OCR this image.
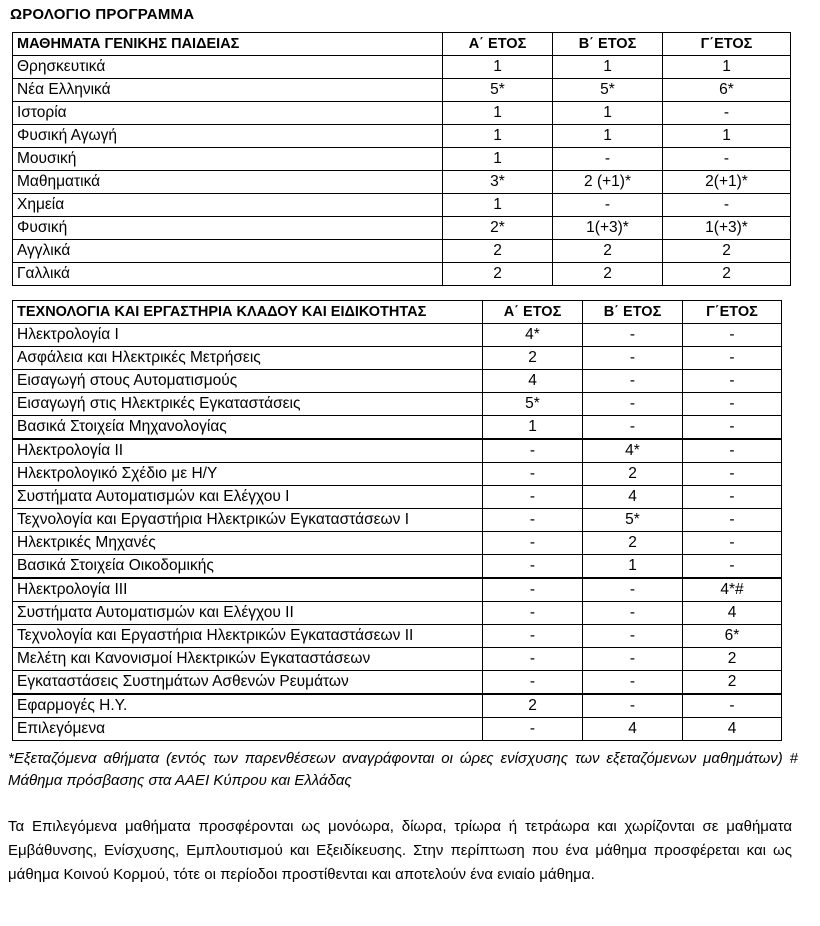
ΩΡΟΛΟΓΙΟ ΠΡΟΓΡΑΜΜΑ
ΜΑΘΗΜΑΤΑ ΓΕΝΙΚΗΣ ΠΑΙΔΕΙΑΣ	Α΄ ΕΤΟΣ	Β΄ ΕΤΟΣ	Γ΄ΕΤΟΣ
Θρησκευτικά	1	1	1
Νέα Ελληνικά	5*	5*	6*
Ιστορία	1	1	-
Φυσική Αγωγή	1	1	1
Μουσική	1	-	-
Μαθηματικά	3*	2 (+1)*	2(+1)*
Χημεία	1	-	-
Φυσική	2*	1(+3)*	1(+3)*
Αγγλικά	2	2	2
Γαλλικά	2	2	2
ΤΕΧΝΟΛΟΓΙΑ ΚΑΙ ΕΡΓΑΣΤΗΡΙΑ ΚΛΑΔΟΥ ΚΑΙ ΕΙΔΙΚΟΤΗΤΑΣ	Α΄ ΕΤΟΣ	Β΄ ΕΤΟΣ	Γ΄ΕΤΟΣ
Ηλεκτρολογία Ι	4*	-	-
Ασφάλεια και Ηλεκτρικές Μετρήσεις	2	-	-
Εισαγωγή στους Αυτοματισμούς	4	-	-
Εισαγωγή στις Ηλεκτρικές Εγκαταστάσεις	5*	-	-
Βασικά Στοιχεία Μηχανολογίας	1	-	-
Ηλεκτρολογία ΙΙ	-	4*	-
Ηλεκτρολογικό Σχέδιο με Η/Υ	-	2	-
Συστήματα Αυτοματισμών και Ελέγχου Ι	-	4	-
Τεχνολογία και Εργαστήρια Ηλεκτρικών Εγκαταστάσεων Ι	-	5*	-
Ηλεκτρικές Μηχανές	-	2	-
Βασικά Στοιχεία Οικοδομικής	-	1	-
Ηλεκτρολογία ΙΙΙ	-	-	4*#
Συστήματα Αυτοματισμών και Ελέγχου ΙΙ	-	-	4
Τεχνολογία και Εργαστήρια Ηλεκτρικών Εγκαταστάσεων ΙΙ	-	-	6*
Μελέτη και Κανονισμοί Ηλεκτρικών Εγκαταστάσεων	-	-	2
Εγκαταστάσεις Συστημάτων Ασθενών Ρευμάτων	-	-	2
Εφαρμογές Η.Υ.	2	-	-
Επιλεγόμενα	-	4	4
*Εξεταζόμενα αθήματα (εντός των παρενθέσεων αναγράφονται οι ώρες ενίσχυσης των εξεταζόμενων μαθημάτων) # Μάθημα πρόσβασης στα ΑΑΕΙ Κύπρου και Ελλάδας
Τα Επιλεγόμενα μαθήματα προσφέρονται ως μονόωρα, δίωρα, τρίωρα ή τετράωρα και χωρίζονται σε μαθήματα Εμβάθυνσης, Ενίσχυσης, Εμπλουτισμού και Εξειδίκευσης. Στην περίπτωση που ένα μάθημα προσφέρεται και ως μάθημα Κοινού Κορμού, τότε οι περίοδοι προστίθενται και αποτελούν ένα ενιαίο μάθημα.
